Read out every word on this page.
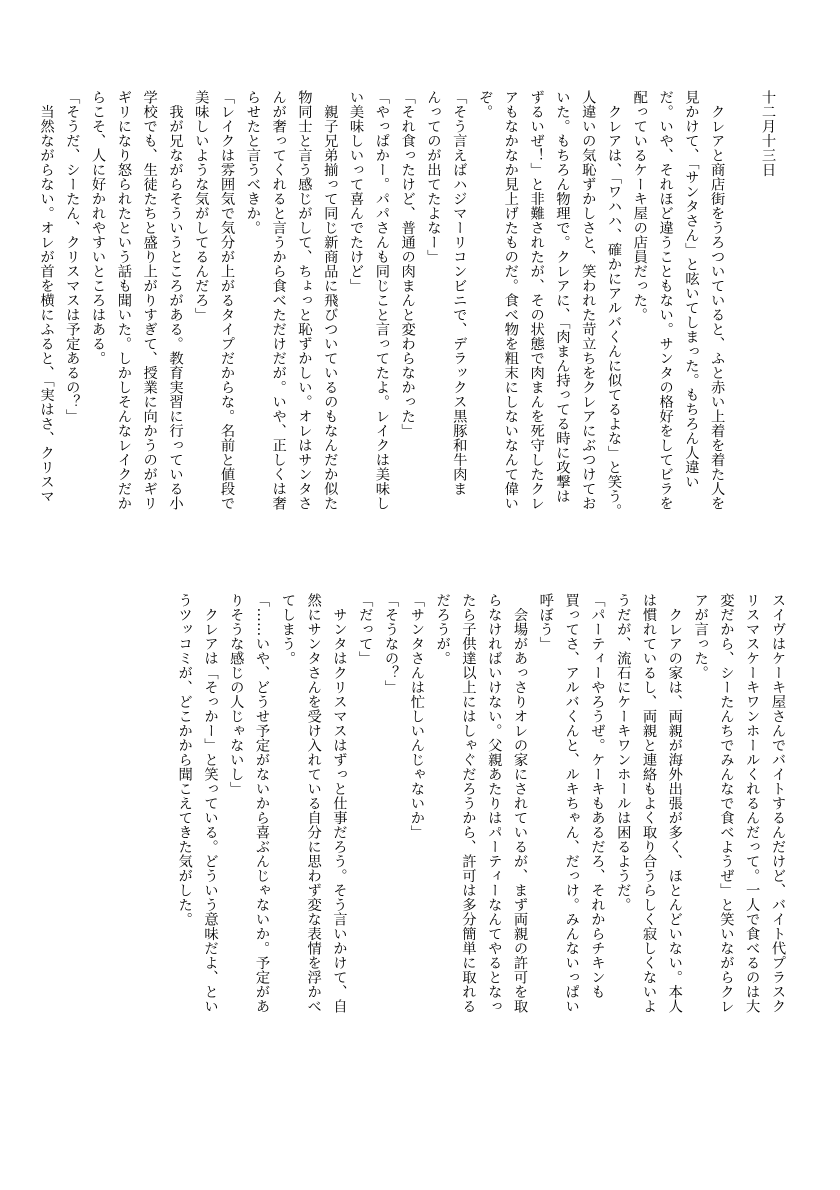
十二月十三日
　クレアと商店街をうろついていると、ふと赤い上着を着た人を
見かけて、「サンタさん」と呟いてしまった。もちろん人違い
だ。いや、それほど違うこともない。サンタの格好をしてビラを
配っているケーキ屋の店員だった。
　クレアは、「ワハハ、確かにアルバくんに似てるよな」と笑う。
人違いの気恥ずかしさと、笑われた苛立ちをクレアにぶつけてお
いた。もちろん物理で。クレアに、「肉まん持ってる時に攻撃は
ずるいぜ！」と非難されたが、その状態で肉まんを死守したクレ
アもなかなか見上げたものだ。食べ物を粗末にしないなんて偉い
ぞ。
「そう言えばハジマーリコンビニで、デラックス黒豚和牛肉ま
んってのが出てたよなー」
「それ食ったけど、普通の肉まんと変わらなかった」
「やっぱかー。パパさんも同じこと言ってたよ。レイクは美味し
い美味しいって喜んでたけど」
　親子兄弟揃って同じ新商品に飛びついているのもなんだか似た
物同士と言う感じがして、ちょっと恥ずかしい。オレはサンタさ
んが奢ってくれると言うから食べただけだが。いや、正しくは奢
らせたと言うべきか。
「レイクは雰囲気で気分が上がるタイプだからな。名前と値段で
美味しいような気がしてるんだろ」
　我が兄ながらそういうところがある。教育実習に行っている小
学校でも、生徒たちと盛り上がりすぎて、授業に向かうのがギリ
ギリになり怒られたという話も聞いた。しかしそんなレイクだか
らこそ、人に好かれやすいところはある。
「そうだ、シーたん、クリスマスは予定あるの？」
　当然ながらない。オレが首を横にふると、「実はさ、クリスマ
スイヴはケーキ屋さんでバイトするんだけど、バイト代プラスク
リスマスケーキワンホールくれるんだって。一人で食べるのは大
変だから、シーたんちでみんなで食べようぜ」と笑いながらクレ
アが言った。
　クレアの家は、両親が海外出張が多く、ほとんどいない。本人
は慣れているし、両親と連絡もよく取り合うらしく寂しくないよ
うだが、流石にケーキワンホールは困るようだ。
「パーティーやろうぜ。ケーキもあるだろ、それからチキンも
買ってさ、アルバくんと、ルキちゃん、だっけ。みんないっぱい
呼ぼう」
　会場があっさりオレの家にされているが、まず両親の許可を取
らなければいけない。父親あたりはパーティーなんてやるとなっ
たら子供達以上にはしゃぐだろうから、許可は多分簡単に取れる
だろうが。
「サンタさんは忙しいんじゃないか」
「そうなの？」
「だって」
　サンタはクリスマスはずっと仕事だろう。そう言いかけて、自
然にサンタさんを受け入れている自分に思わず変な表情を浮かべ
てしまう。
「……いや、どうせ予定がないから喜ぶんじゃないか。予定があ
りそうな感じの人じゃないし」
　クレアは「そっかー」と笑っている。どういう意味だよ、とい
うツッコミが、どこかから聞こえてきた気がした。
